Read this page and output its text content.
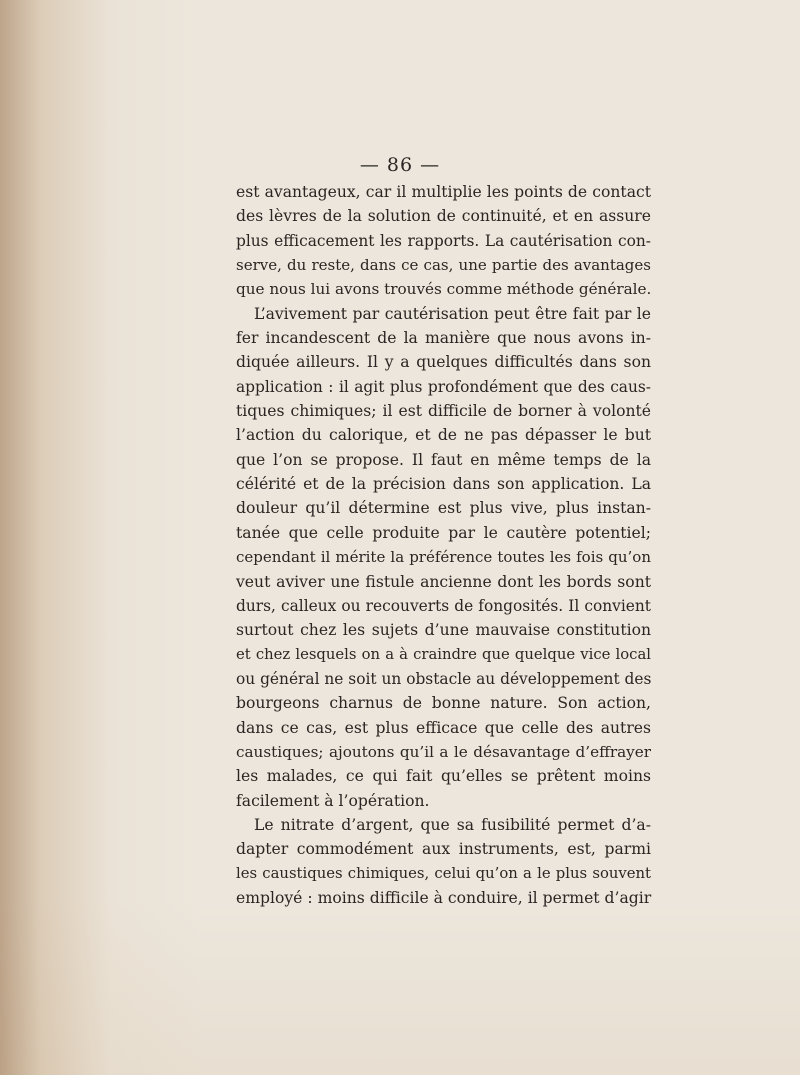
— 86 —
est avantageux, car il multiplie les points de contact
des lèvres de la solution de continuité, et en assure
plus efficacement les rapports. La cautérisation con-
serve, du reste, dans ce cas, une partie des avantages
que nous lui avons trouvés comme méthode générale.
L’avivement par cautérisation peut être fait par le
fer incandescent de la manière que nous avons in-
diquée ailleurs. Il y a quelques difficultés dans son
application : il agit plus profondément que des caus-
tiques chimiques; il est difficile de borner à volonté
l’action du calorique, et de ne pas dépasser le but
que l’on se propose. Il faut en même temps de la
célérité et de la précision dans son application. La
douleur qu’il détermine est plus vive, plus instan-
tanée que celle produite par le cautère potentiel;
cependant il mérite la préférence toutes les fois qu’on
veut aviver une fistule ancienne dont les bords sont
durs, calleux ou recouverts de fongosités. Il convient
surtout chez les sujets d’une mauvaise constitution
et chez lesquels on a à craindre que quelque vice local
ou général ne soit un obstacle au développement des
bourgeons charnus de bonne nature. Son action,
dans ce cas, est plus efficace que celle des autres
caustiques; ajoutons qu’il a le désavantage d’effrayer
les malades, ce qui fait qu’elles se prêtent moins
facilement à l’opération.
Le nitrate d’argent, que sa fusibilité permet d’a-
dapter commodément aux instruments, est, parmi
les caustiques chimiques, celui qu’on a le plus souvent
employé : moins difficile à conduire, il permet d’agir
